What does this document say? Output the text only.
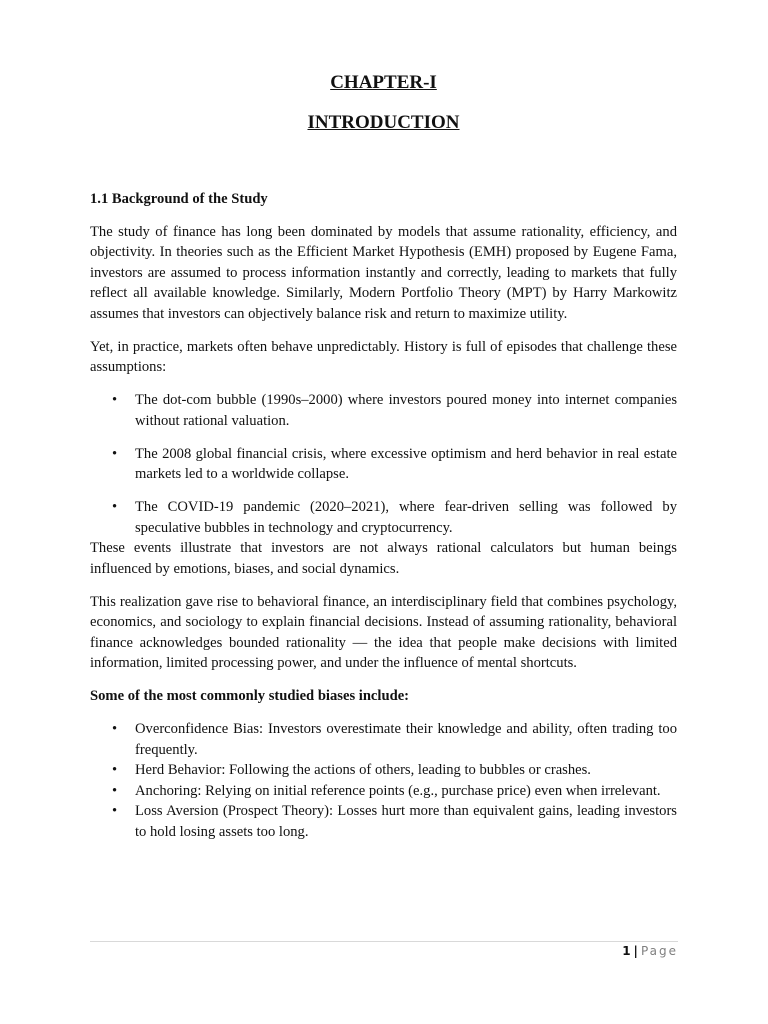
CHAPTER-I
INTRODUCTION

1.1 Background of the Study

The study of finance has long been dominated by models that assume rationality, efficiency, and objectivity. In theories such as the Efficient Market Hypothesis (EMH) proposed by Eugene Fama, investors are assumed to process information instantly and correctly, leading to markets that fully reflect all available knowledge. Similarly, Modern Portfolio Theory (MPT) by Harry Markowitz assumes that investors can objectively balance risk and return to maximize utility.

Yet, in practice, markets often behave unpredictably. History is full of episodes that challenge these assumptions:

• The dot-com bubble (1990s–2000) where investors poured money into internet companies without rational valuation.
• The 2008 global financial crisis, where excessive optimism and herd behavior in real estate markets led to a worldwide collapse.
• The COVID-19 pandemic (2020–2021), where fear-driven selling was followed by speculative bubbles in technology and cryptocurrency.

These events illustrate that investors are not always rational calculators but human beings influenced by emotions, biases, and social dynamics.

This realization gave rise to behavioral finance, an interdisciplinary field that combines psychology, economics, and sociology to explain financial decisions. Instead of assuming rationality, behavioral finance acknowledges bounded rationality — the idea that people make decisions with limited information, limited processing power, and under the influence of mental shortcuts.

Some of the most commonly studied biases include:

• Overconfidence Bias: Investors overestimate their knowledge and ability, often trading too frequently.
• Herd Behavior: Following the actions of others, leading to bubbles or crashes.
• Anchoring: Relying on initial reference points (e.g., purchase price) even when irrelevant.
• Loss Aversion (Prospect Theory): Losses hurt more than equivalent gains, leading investors to hold losing assets too long.
1 | Page
